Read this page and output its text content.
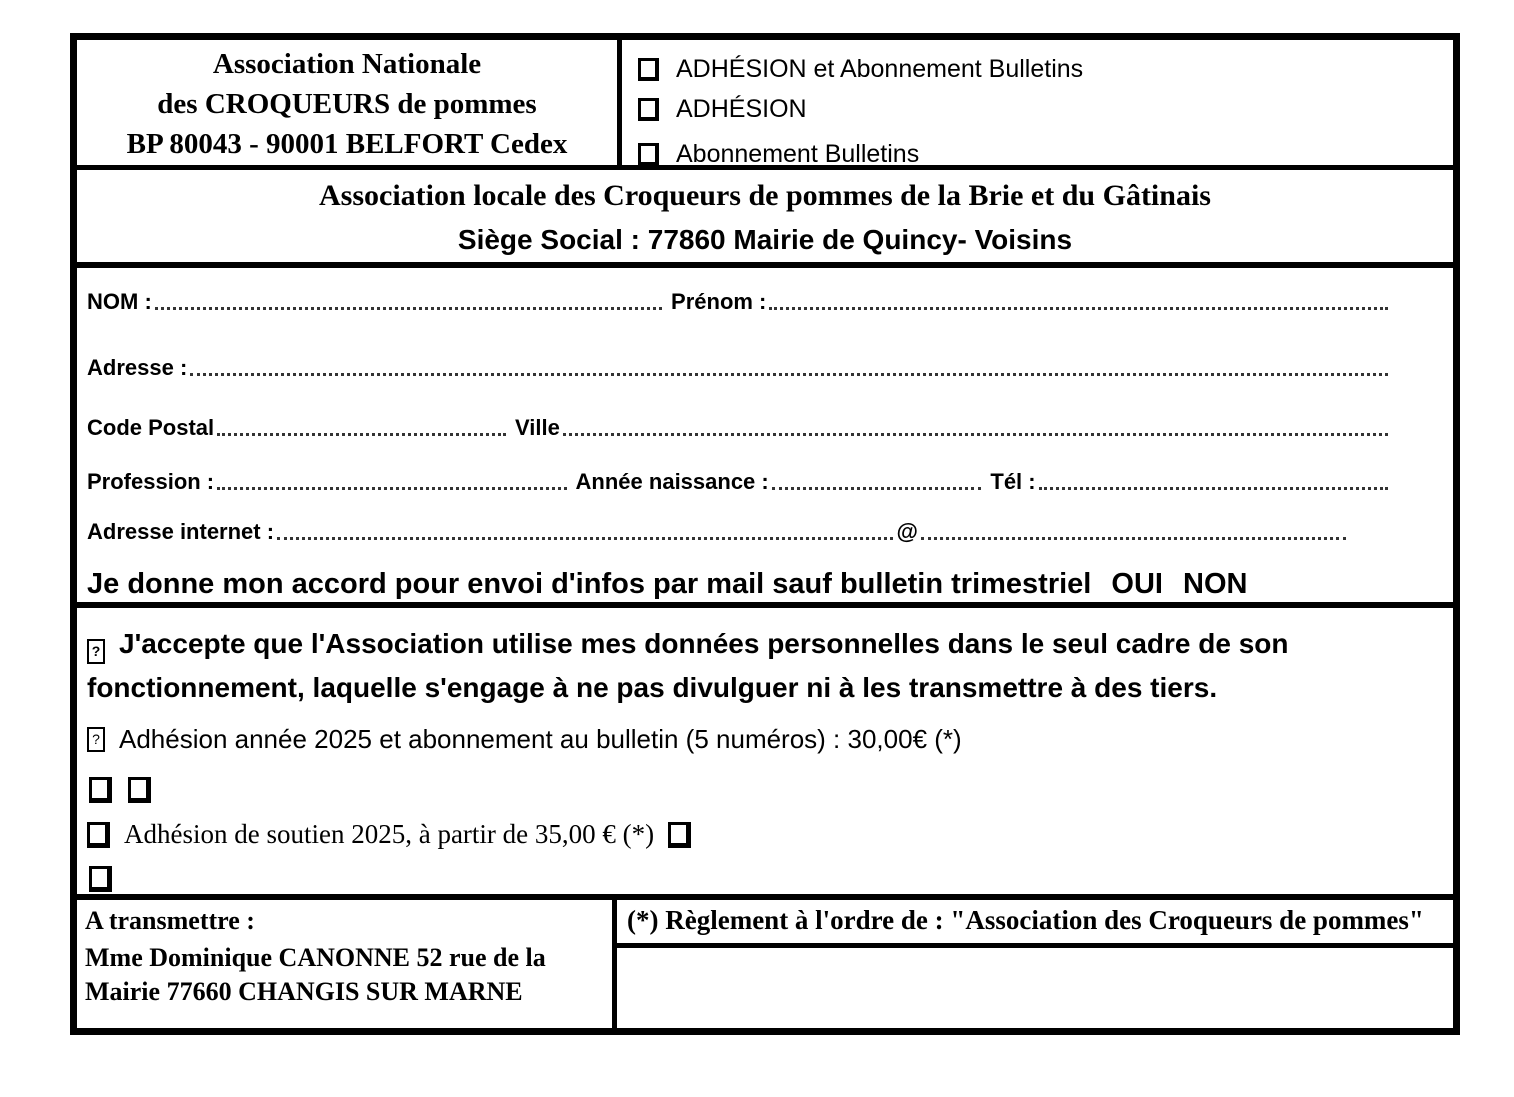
Association Nationale
des CROQUEURS de pommes
BP 80043 - 90001 BELFORT Cedex
ADHÉSION et Abonnement Bulletins
ADHÉSION
Abonnement Bulletins
Association locale des Croqueurs de pommes de la Brie et du Gâtinais
Siège Social : 77860 Mairie de Quincy- Voisins
NOM :	Prénom :
Adresse :
Code Postal	Ville
Profession :	Année naissance :	Tél :
Adresse internet :	@
Je donne mon accord pour envoi d'infos par mail sauf bulletin trimestriel OUI NON
? J'accepte que l'Association utilise mes données personnelles dans le seul cadre de son fonctionnement, laquelle s'engage à ne pas divulguer ni à les transmettre à des tiers.
? Adhésion année 2025 et abonnement au bulletin (5 numéros) : 30,00€ (*)
Adhésion de soutien 2025, à partir de 35,00 € (*)
A transmettre :
Mme Dominique CANONNE 52 rue de la
Mairie 77660 CHANGIS SUR MARNE
(*) Règlement à l'ordre de : "Association des Croqueurs de pommes"
